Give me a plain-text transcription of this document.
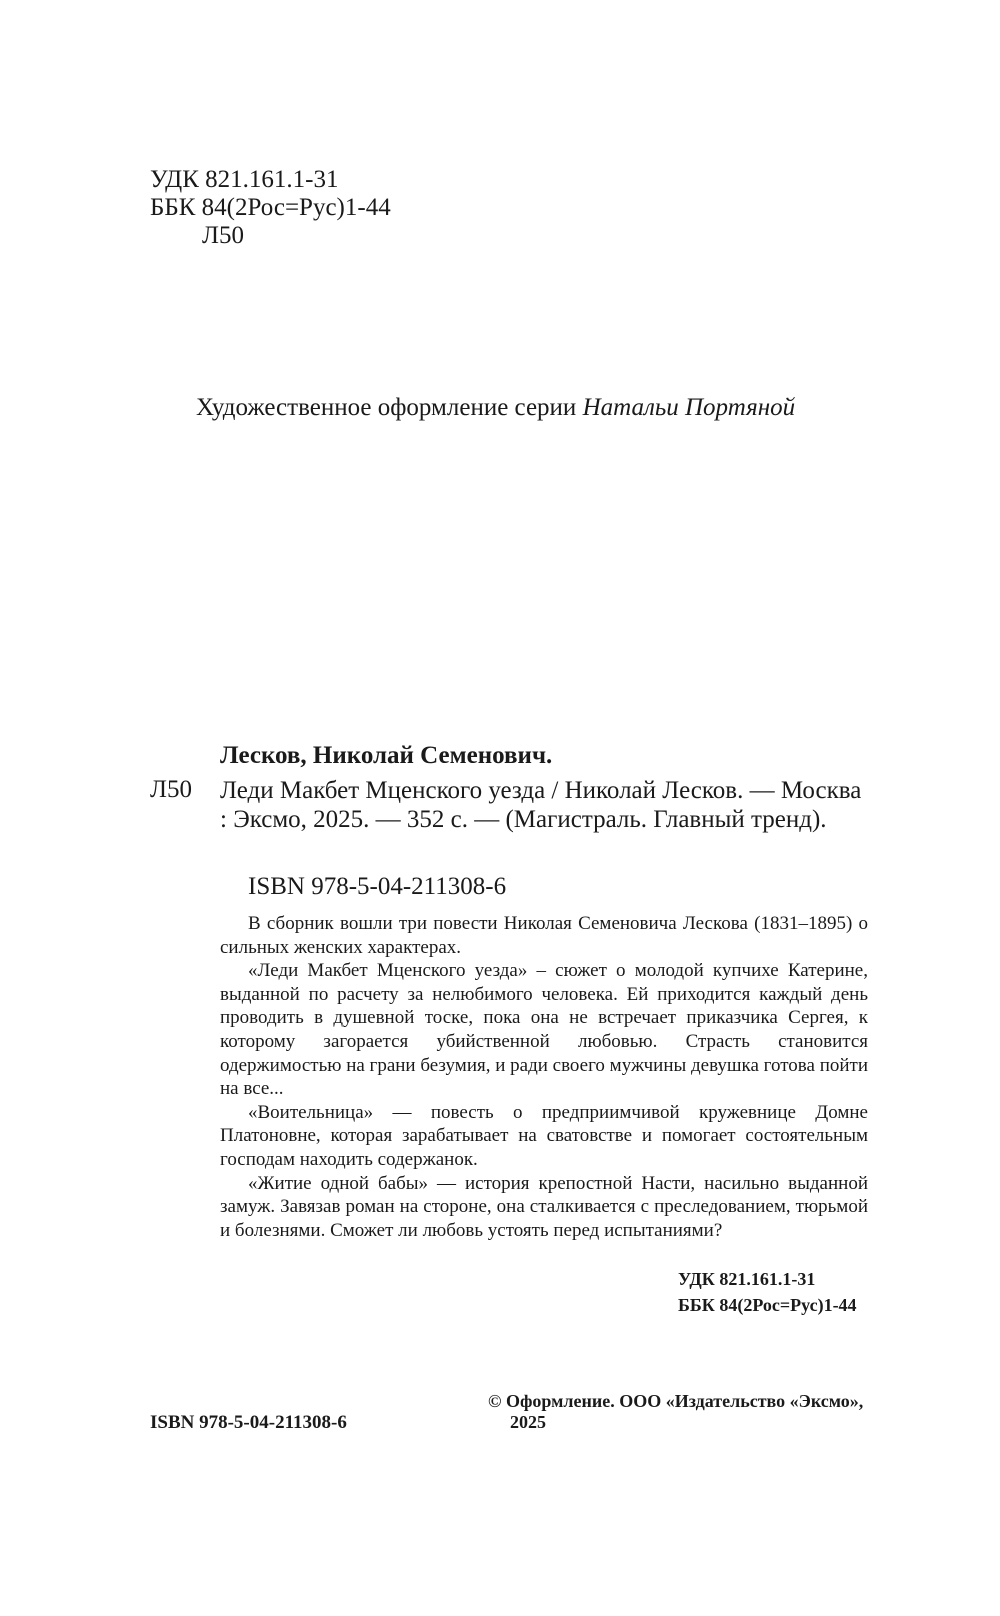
УДК 821.161.1-31
ББК 84(2Рос=Рус)1-44
Л50
Художественное оформление серии Натальи Портяной
Лесков, Николай Семенович.
Л50 Леди Макбет Мценского уезда / Николай Лесков. — Москва : Эксмо, 2025. — 352 с. — (Магистраль. Главный тренд).
ISBN 978-5-04-211308-6

В сборник вошли три повести Николая Семеновича Лескова (1831–1895) о сильных женских характерах.

«Леди Макбет Мценского уезда» – сюжет о молодой купчихе Катерине, выданной по расчету за нелюбимого человека. Ей приходится каждый день проводить в душевной тоске, пока она не встречает приказчика Сергея, к которому загорается убийственной любовью. Страсть становится одержимостью на грани безумия, и ради своего мужчины девушка готова пойти на все...

«Воительница» — повесть о предприимчивой кружевнице Домне Платоновне, которая зарабатывает на сватовстве и помогает состоятельным господам находить содержанок.

«Житие одной бабы» — история крепостной Насти, насильно выданной замуж. Завязав роман на стороне, она сталкивается с преследованием, тюрьмой и болезнями. Сможет ли любовь устоять перед испытаниями?

УДК 821.161.1-31
ББК 84(2Рос=Рус)1-44
ISBN 978-5-04-211308-6
© Оформление. ООО «Издательство «Эксмо»,
2025
